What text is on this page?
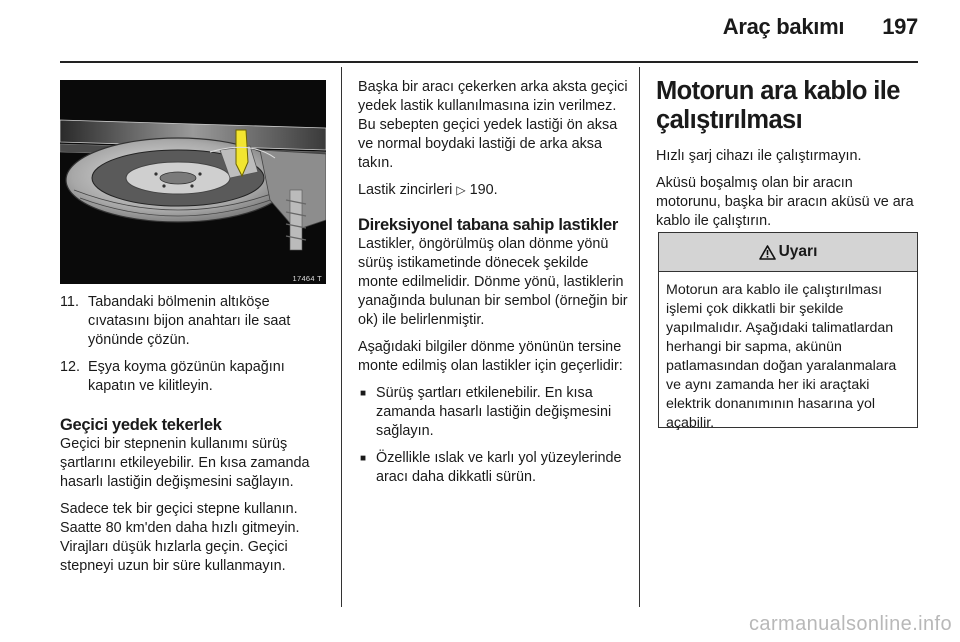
Araç bakımı 197
17464 T
11. Tabandaki bölmenin altıköşe cıvatasını bijon anahtarı ile saat yönünde çözün.
12. Eşya koyma gözünün kapağını kapatın ve kilitleyin.
Geçici yedek tekerlek

Geçici bir stepnenin kullanımı sürüş şartlarını etkileyebilir. En kısa zamanda hasarlı lastiğin değişmesini sağlayın.

Sadece tek bir geçici stepne kullanın. Saatte 80 km'den daha hızlı gitmeyin. Virajları düşük hızlarla geçin. Geçici stepneyi uzun bir süre kullanmayın.

Başka bir aracı çekerken arka aksta geçici yedek lastik kullanılmasına izin verilmez. Bu sebepten geçici yedek lastiği ön aksa ve normal boydaki lastiği de arka aksa takın.

Lastik zincirleri ▷ 190.

Direksiyonel tabana sahip lastikler

Lastikler, öngörülmüş olan dönme yönü sürüş istikametinde dönecek şekilde monte edilmelidir. Dönme yönü, lastiklerin yanağında bulunan bir sembol (örneğin bir ok) ile belirlenmiştir.

Aşağıdaki bilgiler dönme yönünün tersine monte edilmiş olan lastikler için geçerlidir:

■ Sürüş şartları etkilenebilir. En kısa zamanda hasarlı lastiğin değişmesini sağlayın.
■ Özellikle ıslak ve karlı yol yüzeylerinde aracı daha dikkatli sürün.
Motorun ara kablo ile çalıştırılması

Hızlı şarj cihazı ile çalıştırmayın.

Aküsü boşalmış olan bir aracın motorunu, başka bir aracın aküsü ve ara kablo ile çalıştırın.

Uyarı
Motorun ara kablo ile çalıştırılması işlemi çok dikkatli bir şekilde yapılmalıdır. Aşağıdaki talimatlardan herhangi bir sapma, akünün patlamasından doğan yaralanmalara ve aynı zamanda her iki araçtaki elektrik donanımının hasarına yol açabilir.
carmanualsonline.info
